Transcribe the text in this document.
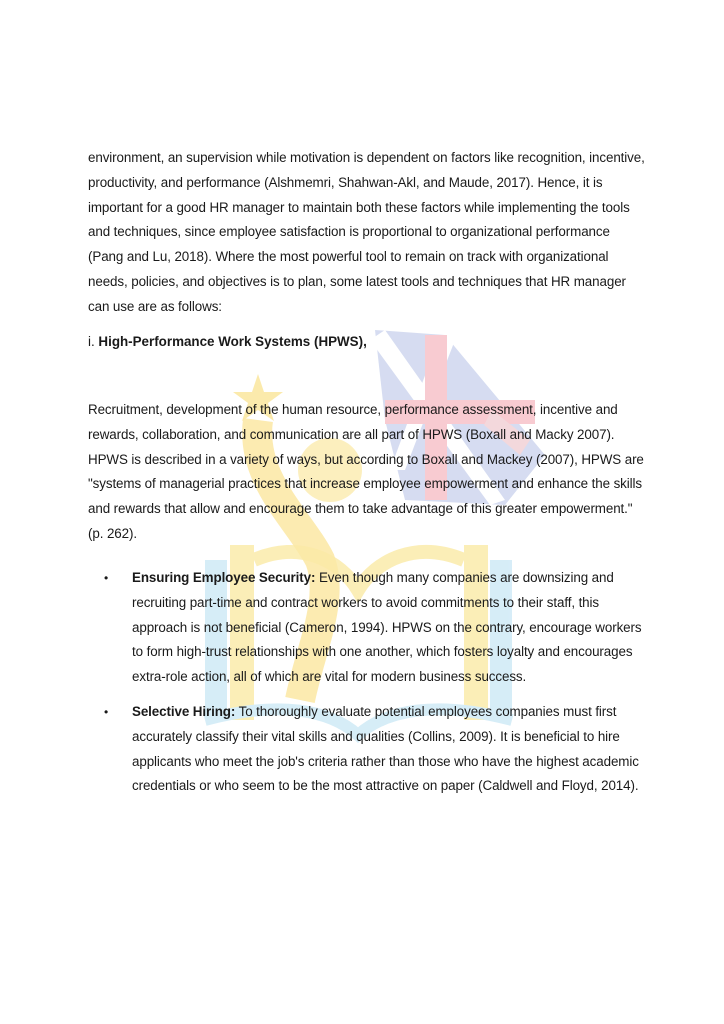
environment, an supervision while motivation is dependent on factors like recognition, incentive, productivity, and performance (Alshmemri, Shahwan-Akl, and Maude, 2017). Hence, it is important for a good HR manager to maintain both these factors while implementing the tools and techniques, since employee satisfaction is proportional to organizational performance (Pang and Lu, 2018). Where the most powerful tool to remain on track with organizational needs, policies, and objectives is to plan, some latest tools and techniques that HR manager can use are as follows:

i. High-Performance Work Systems (HPWS),

Recruitment, development of the human resource, performance assessment, incentive and rewards, collaboration, and communication are all part of HPWS (Boxall and Macky 2007). HPWS is described in a variety of ways, but according to Boxall and Mackey (2007), HPWS are "systems of managerial practices that increase employee empowerment and enhance the skills and rewards that allow and encourage them to take advantage of this greater empowerment." (p. 262).

• Ensuring Employee Security: Even though many companies are downsizing and recruiting part-time and contract workers to avoid commitments to their staff, this approach is not beneficial (Cameron, 1994). HPWS on the contrary, encourage workers to form high-trust relationships with one another, which fosters loyalty and encourages extra-role action, all of which are vital for modern business success.
• Selective Hiring: To thoroughly evaluate potential employees companies must first accurately classify their vital skills and qualities (Collins, 2009). It is beneficial to hire applicants who meet the job's criteria rather than those who have the highest academic credentials or who seem to be the most attractive on paper (Caldwell and Floyd, 2014).
